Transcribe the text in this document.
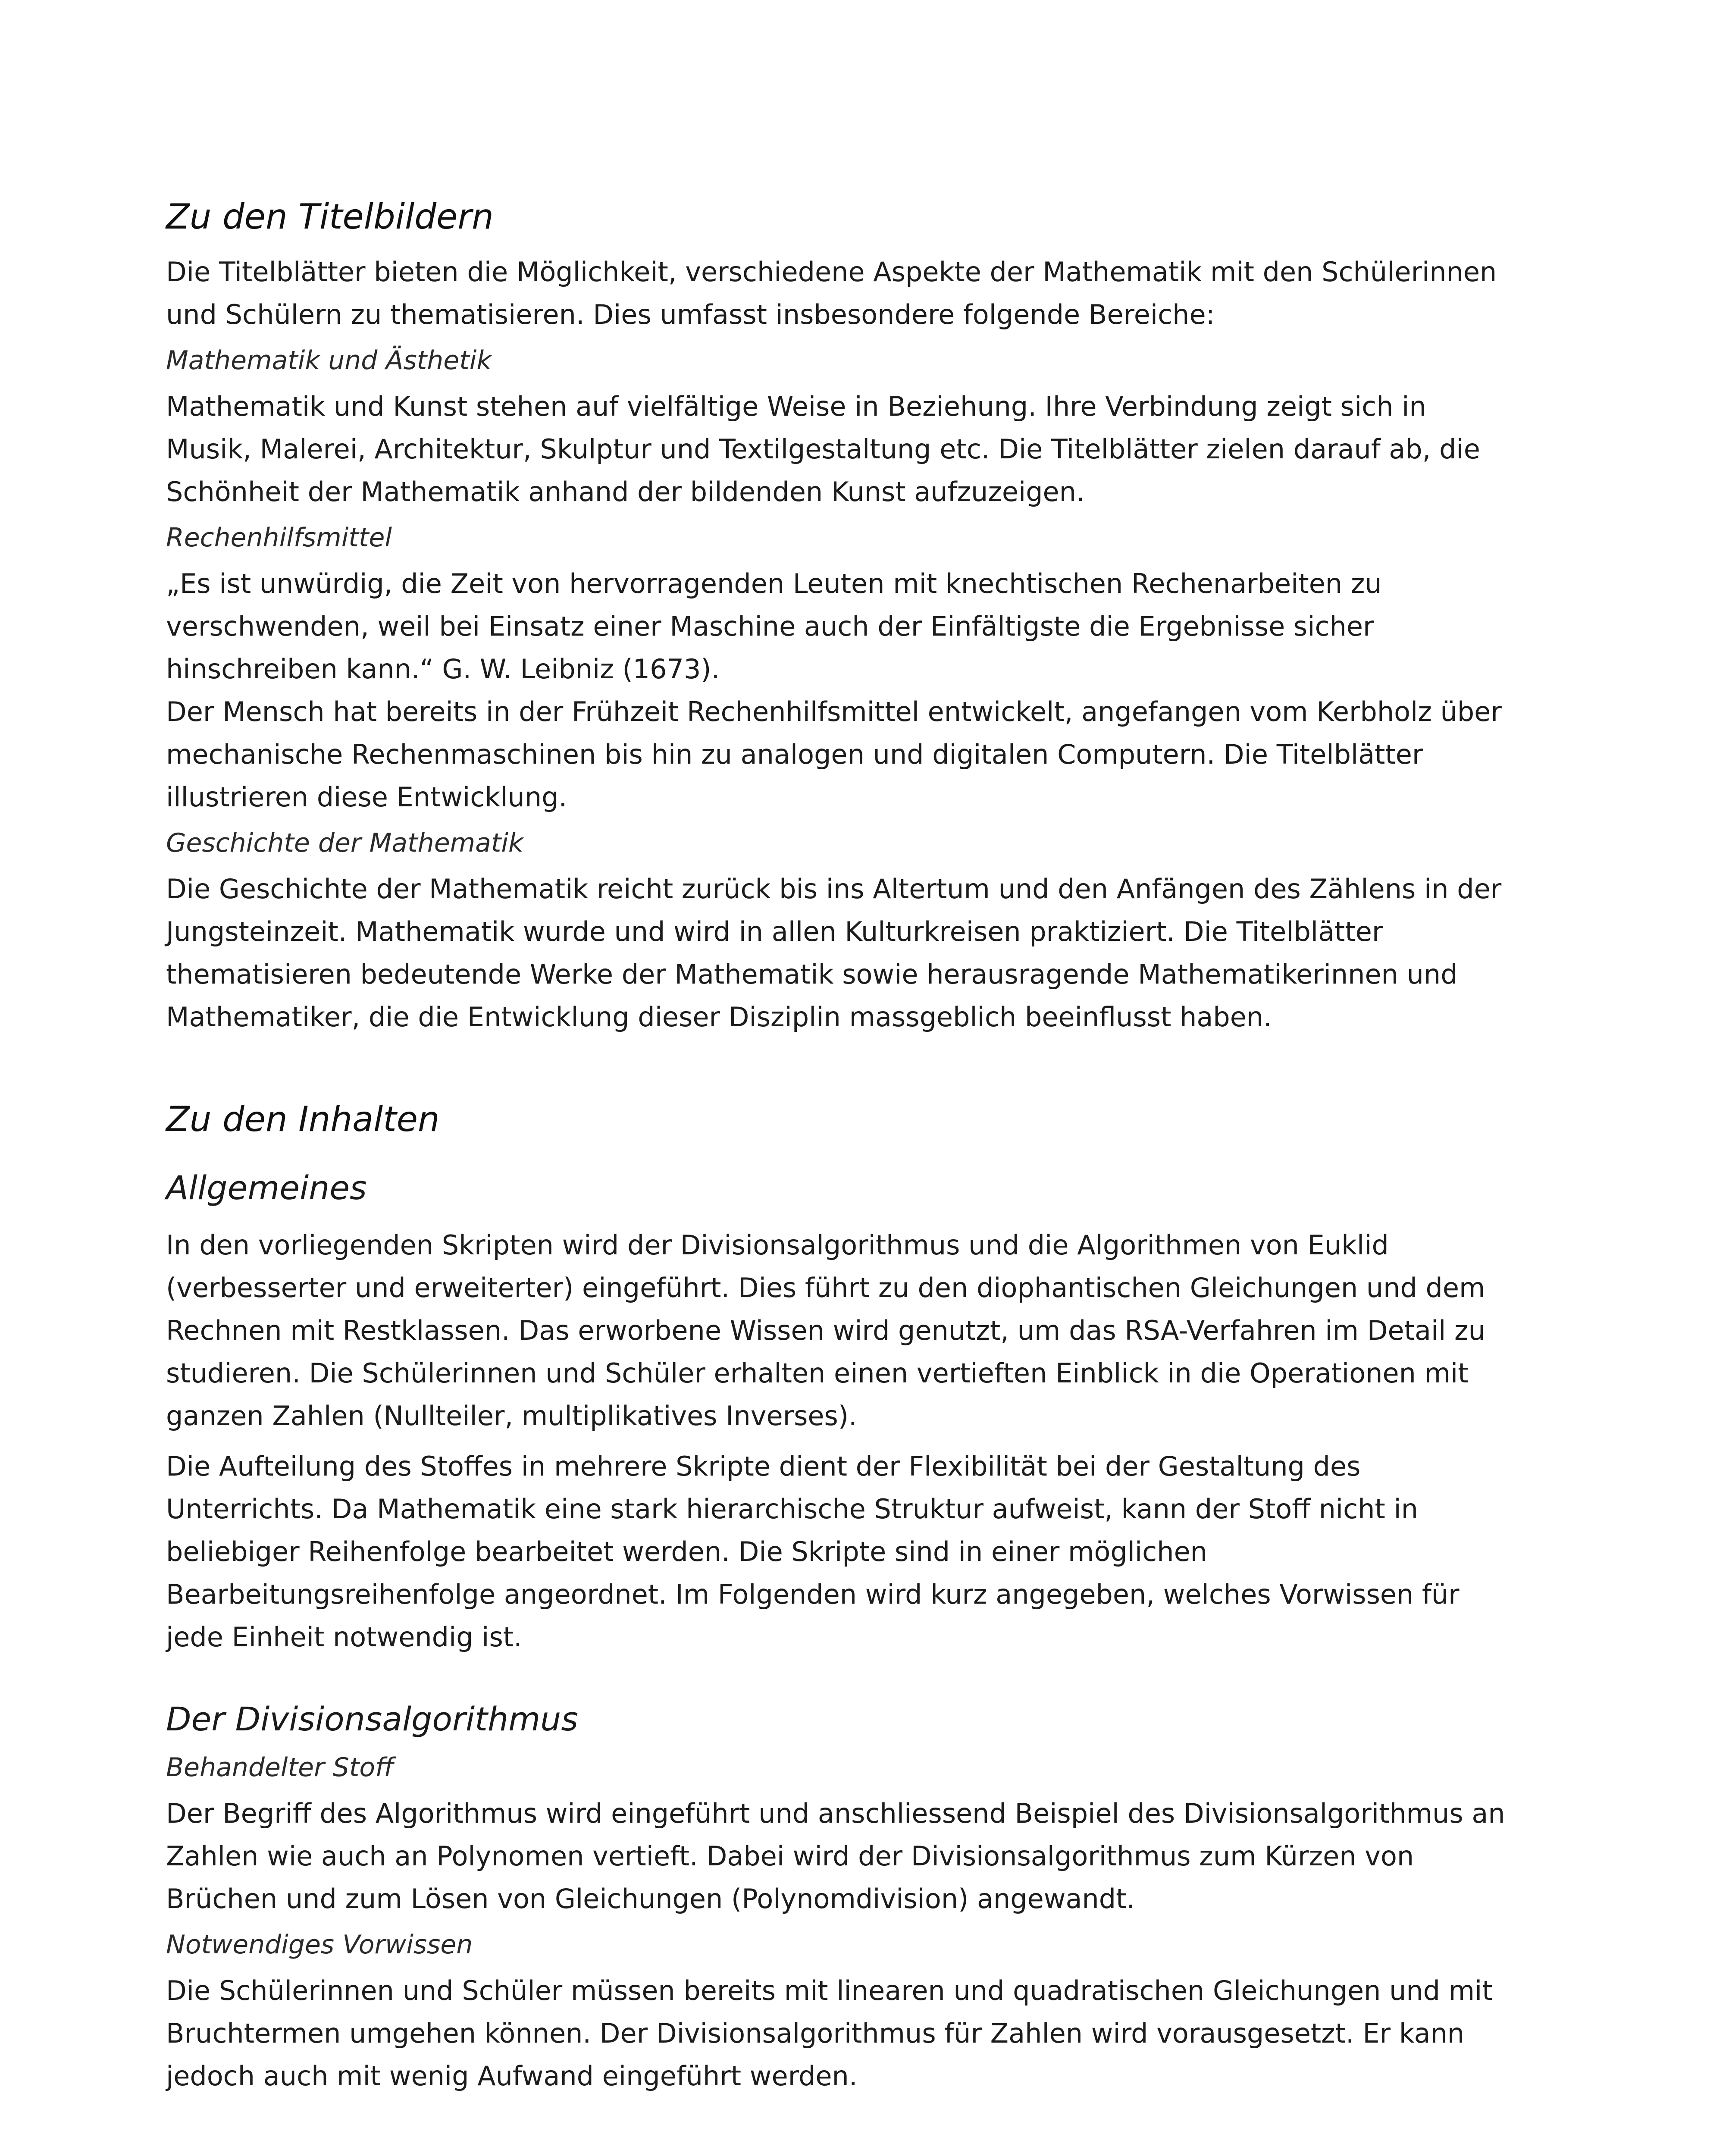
Zu den Titelbildern

Die Titelblätter bieten die Möglichkeit, verschiedene Aspekte der Mathematik mit den Schülerinnen und Schülern zu thematisieren. Dies umfasst insbesondere folgende Bereiche:

Mathematik und Ästhetik

Mathematik und Kunst stehen auf vielfältige Weise in Beziehung. Ihre Verbindung zeigt sich in Musik, Malerei, Architektur, Skulptur und Textilgestaltung etc. Die Titelblätter zielen darauf ab, die Schönheit der Mathematik anhand der bildenden Kunst aufzuzeigen.

Rechenhilfsmittel

„Es ist unwürdig, die Zeit von hervorragenden Leuten mit knechtischen Rechenarbeiten zu verschwenden, weil bei Einsatz einer Maschine auch der Einfältigste die Ergebnisse sicher hinschreiben kann.“ G. W. Leibniz (1673).

Der Mensch hat bereits in der Frühzeit Rechenhilfsmittel entwickelt, angefangen vom Kerbholz über mechanische Rechenmaschinen bis hin zu analogen und digitalen Computern. Die Titelblätter illustrieren diese Entwicklung.

Geschichte der Mathematik

Die Geschichte der Mathematik reicht zurück bis ins Altertum und den Anfängen des Zählens in der Jungsteinzeit. Mathematik wurde und wird in allen Kulturkreisen praktiziert. Die Titelblätter thematisieren bedeutende Werke der Mathematik sowie herausragende Mathematikerinnen und Mathematiker, die die Entwicklung dieser Disziplin massgeblich beeinflusst haben.

Zu den Inhalten
Allgemeines

In den vorliegenden Skripten wird der Divisionsalgorithmus und die Algorithmen von Euklid (verbesserter und erweiterter) eingeführt. Dies führt zu den diophantischen Gleichungen und dem Rechnen mit Restklassen. Das erworbene Wissen wird genutzt, um das RSA-Verfahren im Detail zu studieren. Die Schülerinnen und Schüler erhalten einen vertieften Einblick in die Operationen mit ganzen Zahlen (Nullteiler, multiplikatives Inverses).

Die Aufteilung des Stoffes in mehrere Skripte dient der Flexibilität bei der Gestaltung des Unterrichts. Da Mathematik eine stark hierarchische Struktur aufweist, kann der Stoff nicht in beliebiger Reihenfolge bearbeitet werden. Die Skripte sind in einer möglichen Bearbeitungsreihenfolge angeordnet. Im Folgenden wird kurz angegeben, welches Vorwissen für jede Einheit notwendig ist.

Der Divisionsalgorithmus
Behandelter Stoff

Der Begriff des Algorithmus wird eingeführt und anschliessend Beispiel des Divisionsalgorithmus an Zahlen wie auch an Polynomen vertieft. Dabei wird der Divisionsalgorithmus zum Kürzen von Brüchen und zum Lösen von Gleichungen (Polynomdivision) angewandt.

Notwendiges Vorwissen

Die Schülerinnen und Schüler müssen bereits mit linearen und quadratischen Gleichungen und mit Bruchtermen umgehen können. Der Divisionsalgorithmus für Zahlen wird vorausgesetzt. Er kann jedoch auch mit wenig Aufwand eingeführt werden.
